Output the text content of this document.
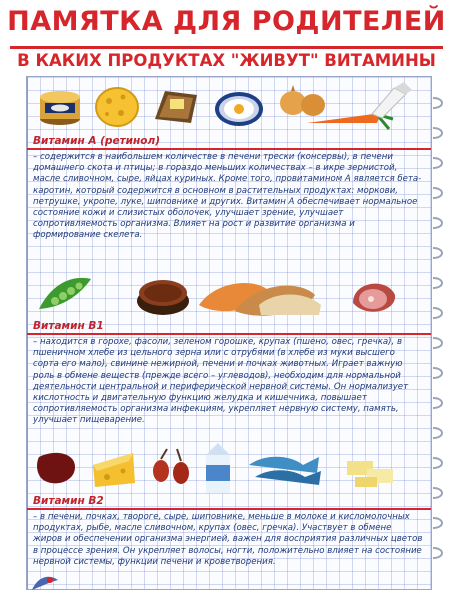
ПАМЯТКА ДЛЯ РОДИТЕЛЕЙ
В КАКИХ ПРОДУКТАХ "ЖИВУТ" ВИТАМИНЫ
Витамин А (ретинол)
– содержится в наибольшем количестве в печени трески (консервы), в печени домашнего скота и птицы; в гораздо меньших количествах – в икре зернистой, масле сливочном, сыре, яйцах куриных. Кроме того, провитамином А является бета-каротин, который содержится в основном в растительных продуктах: моркови, петрушке, укропе, луке, шиповнике и других. Витамин А обеспечивает нормальное состояние кожи и слизистых оболочек, улучшает зрение, улучшает сопротивляемость организма. Влияет на рост и развитие организма и формирование скелета.
Витамин В1
– находится в горохе, фасоли, зеленом горошке, крупах (пшено, овес, гречка), в пшеничном хлебе из цельного зерна или с отрубями (в хлебе из муки высшего сорта его мало), свинине нежирной, печени и почках животных. Играет важную роль в обмене веществ (прежде всего – углеводов), необходим для нормальной деятельности центральной и периферической нервной системы. Он нормализует кислотность и двигательную функцию желудка и кишечника, повышает сопротивляемость организма инфекциям, укрепляет нервную систему, память, улучшает пищеварение.
Витамин В2
– в печени, почках, твороге, сыре, шиповнике, меньше в молоке и кисломолочных продуктах, рыбе, масле сливочном, крупах (овес, гречка). Участвует в обмене жиров и обеспечении организма энергией, важен для восприятия различных цветов в процессе зрения. Он укрепляет волосы, ногти, положительно влияет на состояние нервной системы, функции печени и кроветворения.
